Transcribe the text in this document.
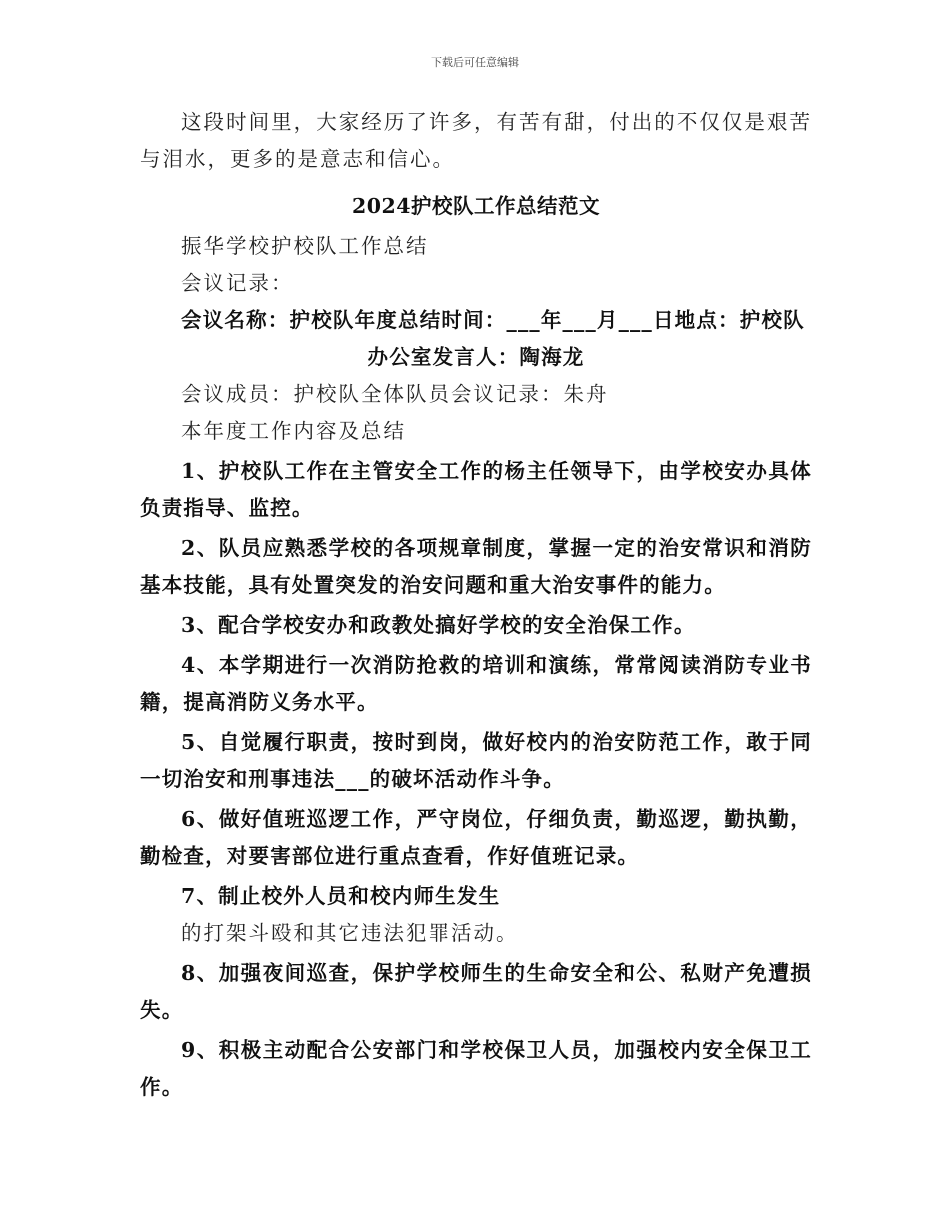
下载后可任意编辑

这段时间里，大家经历了许多，有苦有甜，付出的不仅仅是艰苦与泪水，更多的是意志和信心。

2024护校队工作总结范文

振华学校护校队工作总结

会议记录：

会议名称：护校队年度总结时间：___年___月___日地点：护校队

办公室发言人：陶海龙

会议成员：护校队全体队员会议记录：朱舟

本年度工作内容及总结

1、护校队工作在主管安全工作的杨主任领导下，由学校安办具体负责指导、监控。

2、队员应熟悉学校的各项规章制度，掌握一定的治安常识和消防基本技能，具有处置突发的治安问题和重大治安事件的能力。

3、配合学校安办和政教处搞好学校的安全治保工作。

4、本学期进行一次消防抢救的培训和演练，常常阅读消防专业书籍，提高消防义务水平。

5、自觉履行职责，按时到岗，做好校内的治安防范工作，敢于同一切治安和刑事违法___的破坏活动作斗争。

6、做好值班巡逻工作，严守岗位，仔细负责，勤巡逻，勤执勤，勤检查，对要害部位进行重点查看，作好值班记录。

7、制止校外人员和校内师生发生

的打架斗殴和其它违法犯罪活动。

8、加强夜间巡查，保护学校师生的生命安全和公、私财产免遭损失。

9、积极主动配合公安部门和学校保卫人员，加强校内安全保卫工作。
